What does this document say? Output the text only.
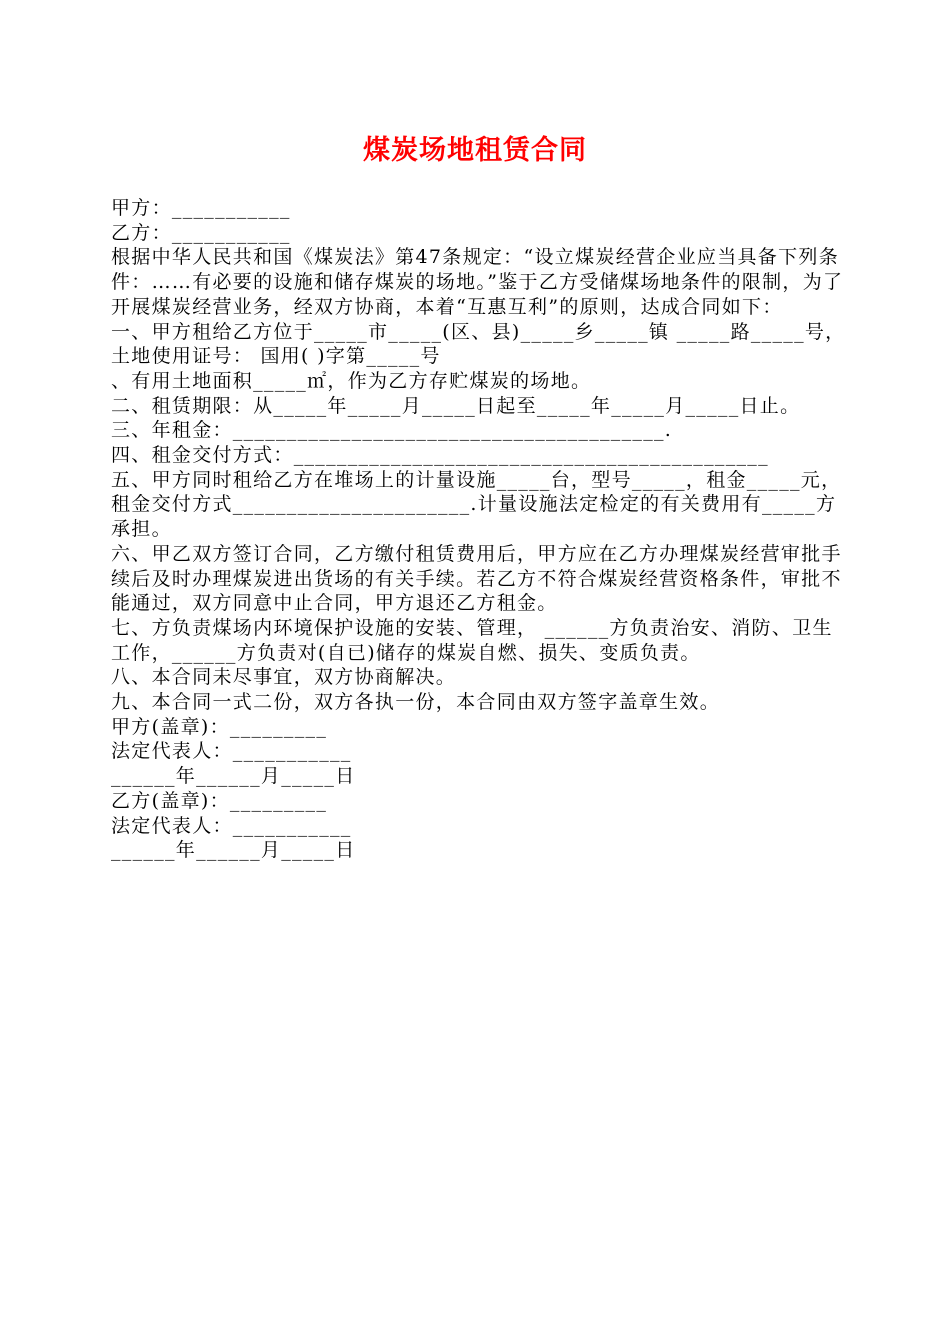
煤炭场地租赁合同

甲方：___________

乙方：___________

根据中华人民共和国《煤炭法》第47条规定：“设立煤炭经营企业应当具备下列条件：……有必要的设施和储存煤炭的场地。”鉴于乙方受储煤场地条件的限制，为了开展煤炭经营业务，经双方协商，本着“互惠互利”的原则，达成合同如下：

一、甲方租给乙方位于_____市_____(区、县)_____乡_____镇 _____路_____号，土地使用证号： 国用( )字第_____号

、有用土地面积_____㎡，作为乙方存贮煤炭的场地。

二、租赁期限：从_____年_____月_____日起至_____年_____月_____日止。

三、年租金：________________________________________.

四、租金交付方式：____________________________________________

五、甲方同时租给乙方在堆场上的计量设施_____台，型号_____，租金_____元，租金交付方式______________________.计量设施法定检定的有关费用有_____方承担。

六、甲乙双方签订合同，乙方缴付租赁费用后，甲方应在乙方办理煤炭经营审批手续后及时办理煤炭进出货场的有关手续。若乙方不符合煤炭经营资格条件，审批不能通过，双方同意中止合同，甲方退还乙方租金。

七、方负责煤场内环境保护设施的安装、管理， ______方负责治安、消防、卫生工作，______方负责对(自已)储存的煤炭自燃、损失、变质负责。

八、本合同未尽事宜，双方协商解决。

九、本合同一式二份，双方各执一份，本合同由双方签字盖章生效。

甲方(盖章)：_________

法定代表人：___________

______年______月_____日

乙方(盖章)：_________

法定代表人：___________

______年______月_____日
